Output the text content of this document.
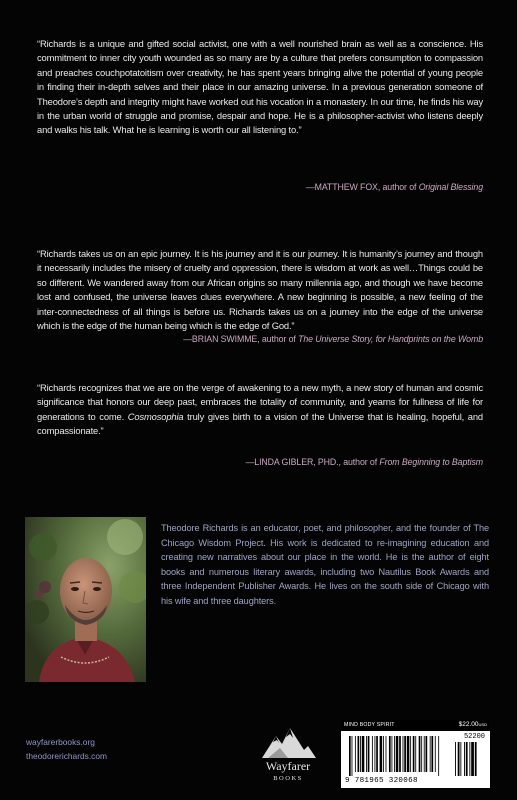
“Richards is a unique and gifted social activist, one with a well nourished brain as well as a conscience. His commitment to inner city youth wounded as so many are by a culture that prefers consumption to compassion and preaches couchpotatoitism over creativity, he has spent years bringing alive the potential of young people in finding their in-depth selves and their place in our amazing universe. In a previous generation someone of Theodore’s depth and integrity might have worked out his vocation in a monastery. In our time, he finds his way in the urban world of struggle and promise, despair and hope. He is a philosopher-activist who listens deeply and walks his talk. What he is learning is worth our all listening to.”

—MATTHEW FOX, author of Original Blessing

“Richards takes us on an epic journey. It is his journey and it is our journey. It is humanity’s journey and though it necessarily includes the misery of cruelty and oppression, there is wisdom at work as well…Things could be so different. We wandered away from our African origins so many millennia ago, and though we have become lost and confused, the universe leaves clues everywhere. A new beginning is possible, a new feeling of the inter-connectedness of all things is before us. Richards takes us on a journey into the edge of the universe which is the edge of the human being which is the edge of God.”

—BRIAN SWIMME, author of The Universe Story, for Handprints on the Womb

“Richards recognizes that we are on the verge of awakening to a new myth, a new story of human and cosmic significance that honors our deep past, embraces the totality of community, and yearns for fullness of life for generations to come. Cosmosophia truly gives birth to a vision of the Universe that is healing, hopeful, and compassionate.”

—LINDA GIBLER, PHD., author of From Beginning to Baptism

Theodore Richards is an educator, poet, and philosopher, and the founder of The Chicago Wisdom Project. His work is dedicated to re-imagining education and creating new narratives about our place in the world. He is the author of eight books and numerous literary awards, including two Nautilus Book Awards and three Independent Publisher Awards. He lives on the south side of Chicago with his wife and three daughters.

wayfarerbooks.org
theodorerichards.com
Wayfarer
BOOKS
MIND BODY SPIRIT	$22.00USD
52200
9 781965 320068
